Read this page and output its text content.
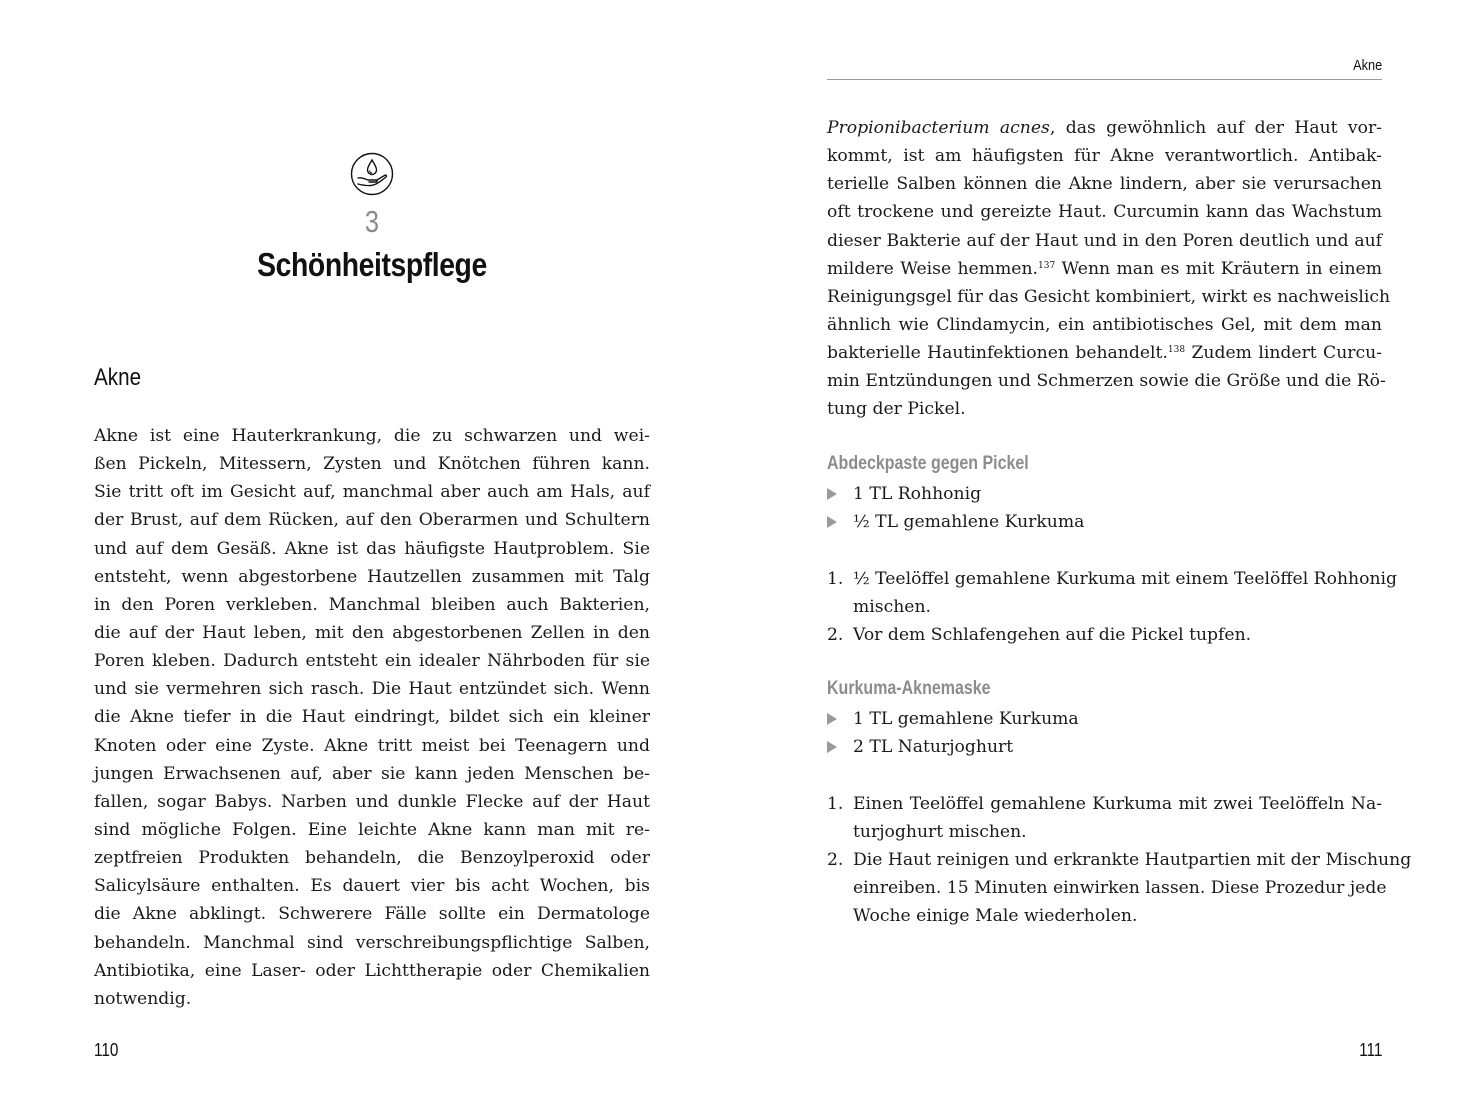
3
Schönheitspflege
Akne
Akne ist eine Hauterkrankung, die zu schwarzen und wei-
ßen Pickeln, Mitessern, Zysten und Knötchen führen kann.
Sie tritt oft im Gesicht auf, manchmal aber auch am Hals, auf
der Brust, auf dem Rücken, auf den Oberarmen und Schultern
und auf dem Gesäß. Akne ist das häufigste Hautproblem. Sie
entsteht, wenn abgestorbene Hautzellen zusammen mit Talg
in den Poren verkleben. Manchmal bleiben auch Bakterien,
die auf der Haut leben, mit den abgestorbenen Zellen in den
Poren kleben. Dadurch entsteht ein idealer Nährboden für sie
und sie vermehren sich rasch. Die Haut entzündet sich. Wenn
die Akne tiefer in die Haut eindringt, bildet sich ein kleiner
Knoten oder eine Zyste. Akne tritt meist bei Teenagern und
jungen Erwachsenen auf, aber sie kann jeden Menschen be-
fallen, sogar Babys. Narben und dunkle Flecke auf der Haut
sind mögliche Folgen. Eine leichte Akne kann man mit re-
zeptfreien Produkten behandeln, die Benzoylperoxid oder
Salicylsäure enthalten. Es dauert vier bis acht Wochen, bis
die Akne abklingt. Schwerere Fälle sollte ein Dermatologe
behandeln. Manchmal sind verschreibungspflichtige Salben,
Antibiotika, eine Laser- oder Lichttherapie oder Chemikalien
notwendig.
110
Akne
Propionibacterium acnes, das gewöhnlich auf der Haut vor-
kommt, ist am häufigsten für Akne verantwortlich. Antibak-
terielle Salben können die Akne lindern, aber sie verursachen
oft trockene und gereizte Haut. Curcumin kann das Wachstum
dieser Bakterie auf der Haut und in den Poren deutlich und auf
mildere Weise hemmen.$^{137}$ Wenn man es mit Kräutern in einem
Reinigungsgel für das Gesicht kombiniert, wirkt es nachweislich
ähnlich wie Clindamycin, ein antibiotisches Gel, mit dem man
bakterielle Hautinfektionen behandelt.$^{138}$ Zudem lindert Curcu-
min Entzündungen und Schmerzen sowie die Größe und die Rö-
tung der Pickel.
Abdeckpaste gegen Pickel
1 TL Rohhonig
½ TL gemahlene Kurkuma
1. ½ Teelöffel gemahlene Kurkuma mit einem Teelöffel Rohhonig
mischen.
2. Vor dem Schlafengehen auf die Pickel tupfen.
Kurkuma-Aknemaske
1 TL gemahlene Kurkuma
2 TL Naturjoghurt
1. Einen Teelöffel gemahlene Kurkuma mit zwei Teelöffeln Na-
turjoghurt mischen.
2. Die Haut reinigen und erkrankte Hautpartien mit der Mischung
einreiben. 15 Minuten einwirken lassen. Diese Prozedur jede
Woche einige Male wiederholen.
111
